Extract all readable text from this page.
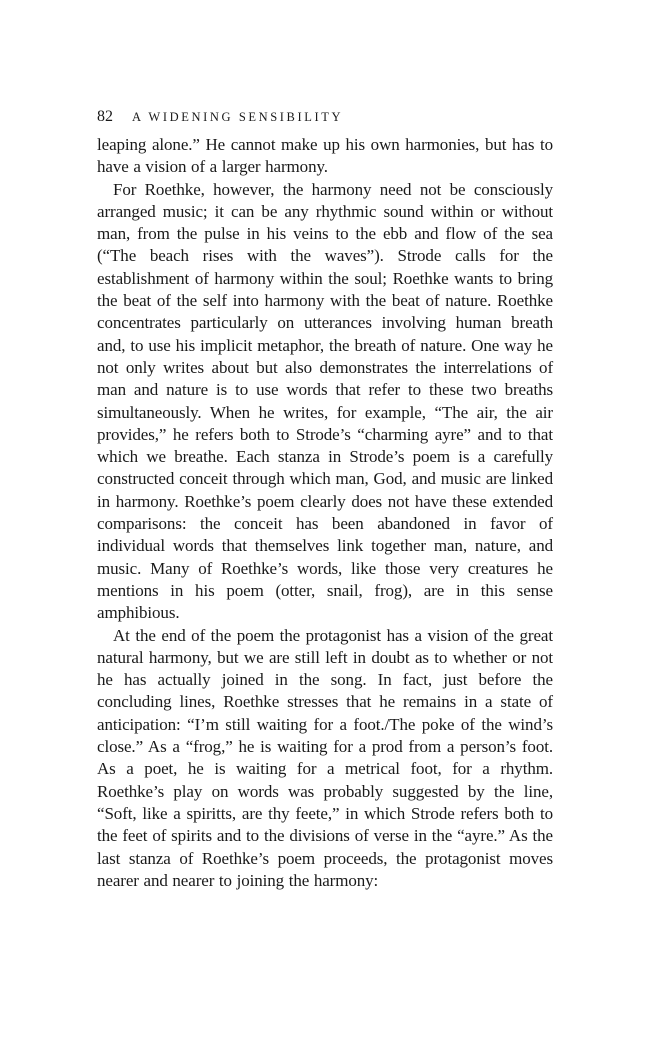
82 A WIDENING SENSIBILITY

leaping alone.” He cannot make up his own harmonies, but has to have a vision of a larger harmony.

For Roethke, however, the harmony need not be consciously arranged music; it can be any rhythmic sound within or without man, from the pulse in his veins to the ebb and flow of the sea (“The beach rises with the waves”). Strode calls for the establishment of harmony within the soul; Roethke wants to bring the beat of the self into harmony with the beat of nature. Roethke concentrates particularly on utterances involving human breath and, to use his implicit metaphor, the breath of nature. One way he not only writes about but also demonstrates the interrelations of man and nature is to use words that refer to these two breaths simultaneously. When he writes, for example, “The air, the air provides,” he refers both to Strode’s “charming ayre” and to that which we breathe. Each stanza in Strode’s poem is a carefully constructed conceit through which man, God, and music are linked in harmony. Roethke’s poem clearly does not have these extended comparisons: the conceit has been abandoned in favor of individual words that themselves link together man, nature, and music. Many of Roethke’s words, like those very creatures he mentions in his poem (otter, snail, frog), are in this sense amphibious.

At the end of the poem the protagonist has a vision of the great natural harmony, but we are still left in doubt as to whether or not he has actually joined in the song. In fact, just before the concluding lines, Roethke stresses that he remains in a state of anticipation: “I’m still waiting for a foot./The poke of the wind’s close.” As a “frog,” he is waiting for a prod from a person’s foot. As a poet, he is waiting for a metrical foot, for a rhythm. Roethke’s play on words was probably suggested by the line, “Soft, like a spiritts, are thy feete,” in which Strode refers both to the feet of spirits and to the divisions of verse in the “ayre.” As the last stanza of Roethke’s poem proceeds, the protagonist moves nearer and nearer to joining the harmony:
